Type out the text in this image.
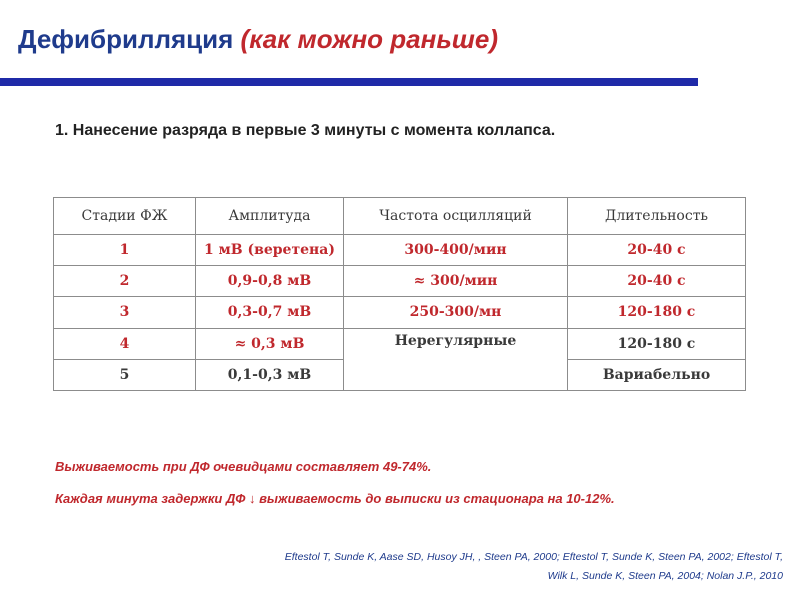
Дефибрилляция (как можно раньше)
1. Нанесение разряда в первые 3 минуты с момента коллапса.
Стадии ФЖ	Амплитуда	Частота осцилляций	Длительность
1	1 мВ (веретена)	300-400/мин	20-40 с
2	0,9-0,8 мВ	≈ 300/мин	20-40 с
3	0,3-0,7 мВ	250-300/мн	120-180 с
4	≈ 0,3 мВ	Нерегулярные	120-180 с
5	0,1-0,3 мВ		Вариабельно
Выживаемость при ДФ очевидцами составляет 49-74%.
Каждая минута задержки ДФ ↓ выживаемость до выписки из стационара на 10-12%.
Eftestol T, Sunde K, Aase SD, Husoy JH, , Steen PA, 2000; Eftestol T, Sunde K, Steen PA, 2002; Eftestol T,
Wilk L, Sunde K, Steen PA, 2004; Nolan J.P., 2010
